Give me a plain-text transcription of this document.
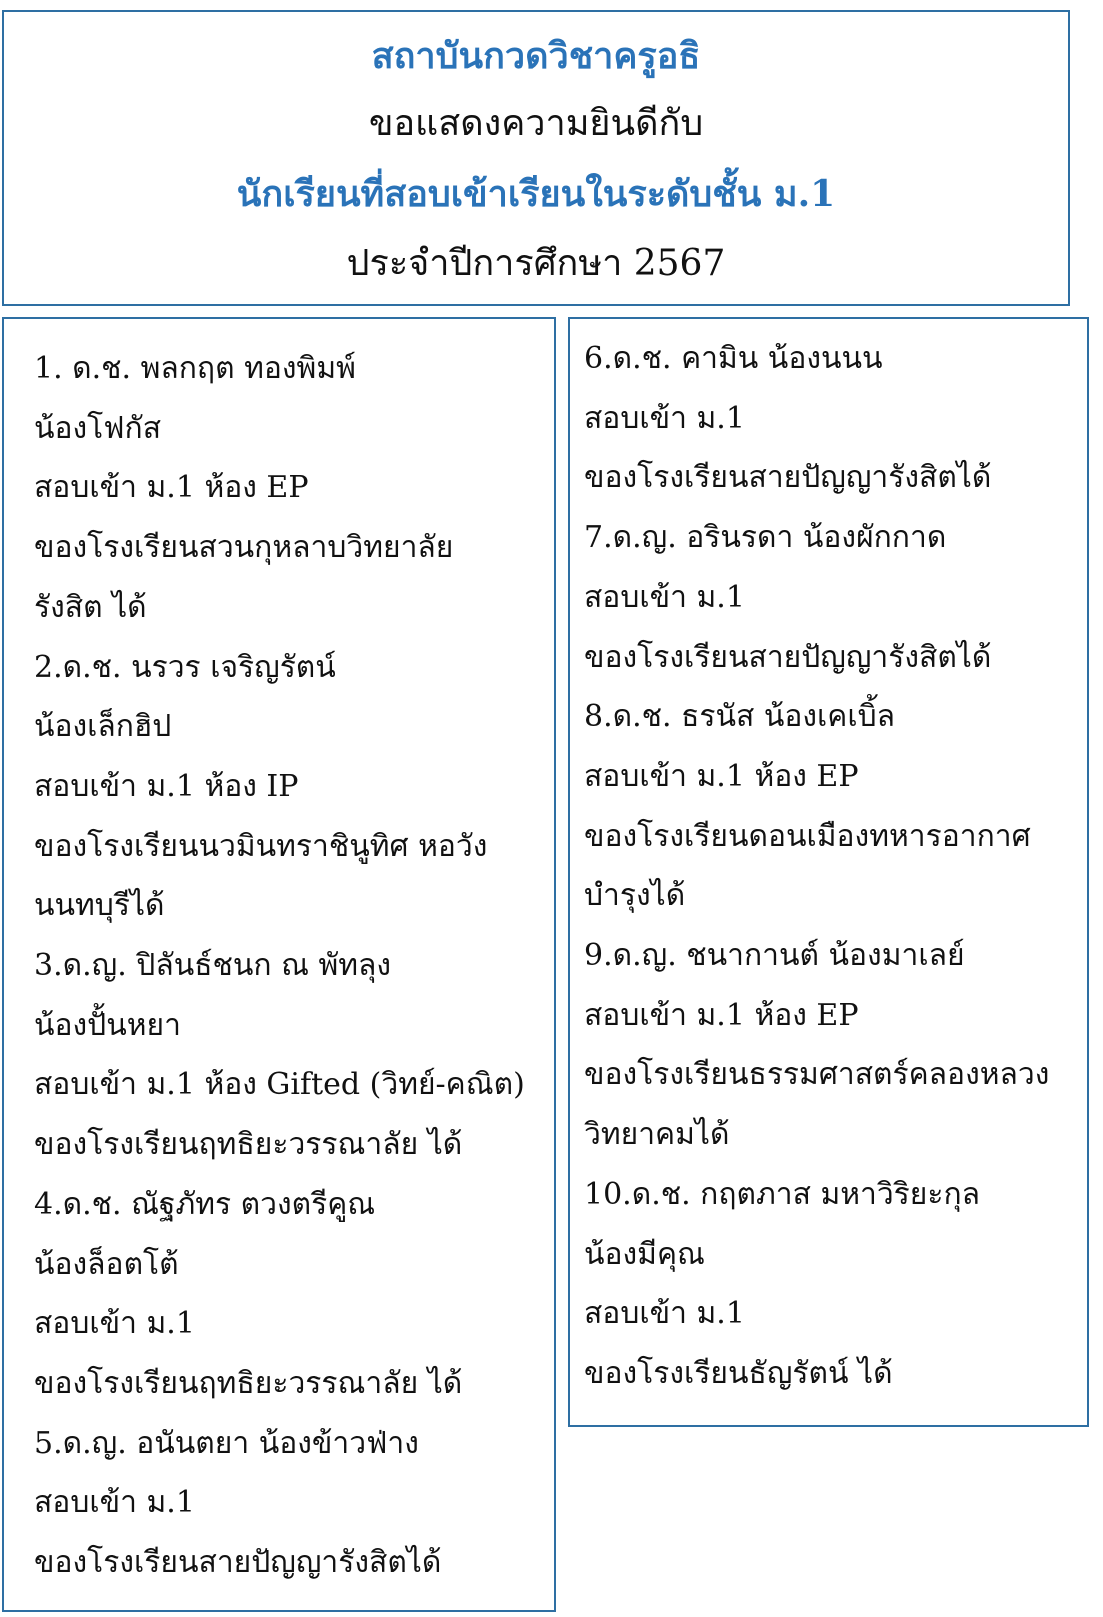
สถาบันกวดวิชาครูอธิ
ขอแสดงความยินดีกับ
นักเรียนที่สอบเข้าเรียนในระดับชั้น ม.1
ประจำปีการศึกษา 2567
1. ด.ช. พลกฤต ทองพิมพ์
น้องโฟกัส
สอบเข้า ม.1 ห้อง EP
ของโรงเรียนสวนกุหลาบวิทยาลัย
รังสิต ได้
2.ด.ช. นรวร เจริญรัตน์
น้องเล็กฮิป
สอบเข้า ม.1 ห้อง IP
ของโรงเรียนนวมินทราชินูทิศ หอวัง
นนทบุรีได้
3.ด.ญ. ปิลันธ์ชนก ณ พัทลุง
น้องปั้นหยา
สอบเข้า ม.1 ห้อง Gifted (วิทย์-คณิต)
ของโรงเรียนฤทธิยะวรรณาลัย ได้
4.ด.ช. ณัฐภัทร ตวงตรีคูณ
น้องล็อตโต้
สอบเข้า ม.1
ของโรงเรียนฤทธิยะวรรณาลัย ได้
5.ด.ญ. อนันตยา น้องข้าวฟ่าง
สอบเข้า ม.1
ของโรงเรียนสายปัญญารังสิตได้
6.ด.ช. คามิน น้องนนน
สอบเข้า ม.1
ของโรงเรียนสายปัญญารังสิตได้
7.ด.ญ. อรินรดา น้องผักกาด
สอบเข้า ม.1
ของโรงเรียนสายปัญญารังสิตได้
8.ด.ช. ธรนัส น้องเคเบิ้ล
สอบเข้า ม.1 ห้อง EP
ของโรงเรียนดอนเมืองทหารอากาศ
บำรุงได้
9.ด.ญ. ชนากานต์ น้องมาเลย์
สอบเข้า ม.1 ห้อง EP
ของโรงเรียนธรรมศาสตร์คลองหลวง
วิทยาคมได้
10.ด.ช. กฤตภาส มหาวิริยะกุล
น้องมีคุณ
สอบเข้า ม.1
ของโรงเรียนธัญรัตน์ ได้
